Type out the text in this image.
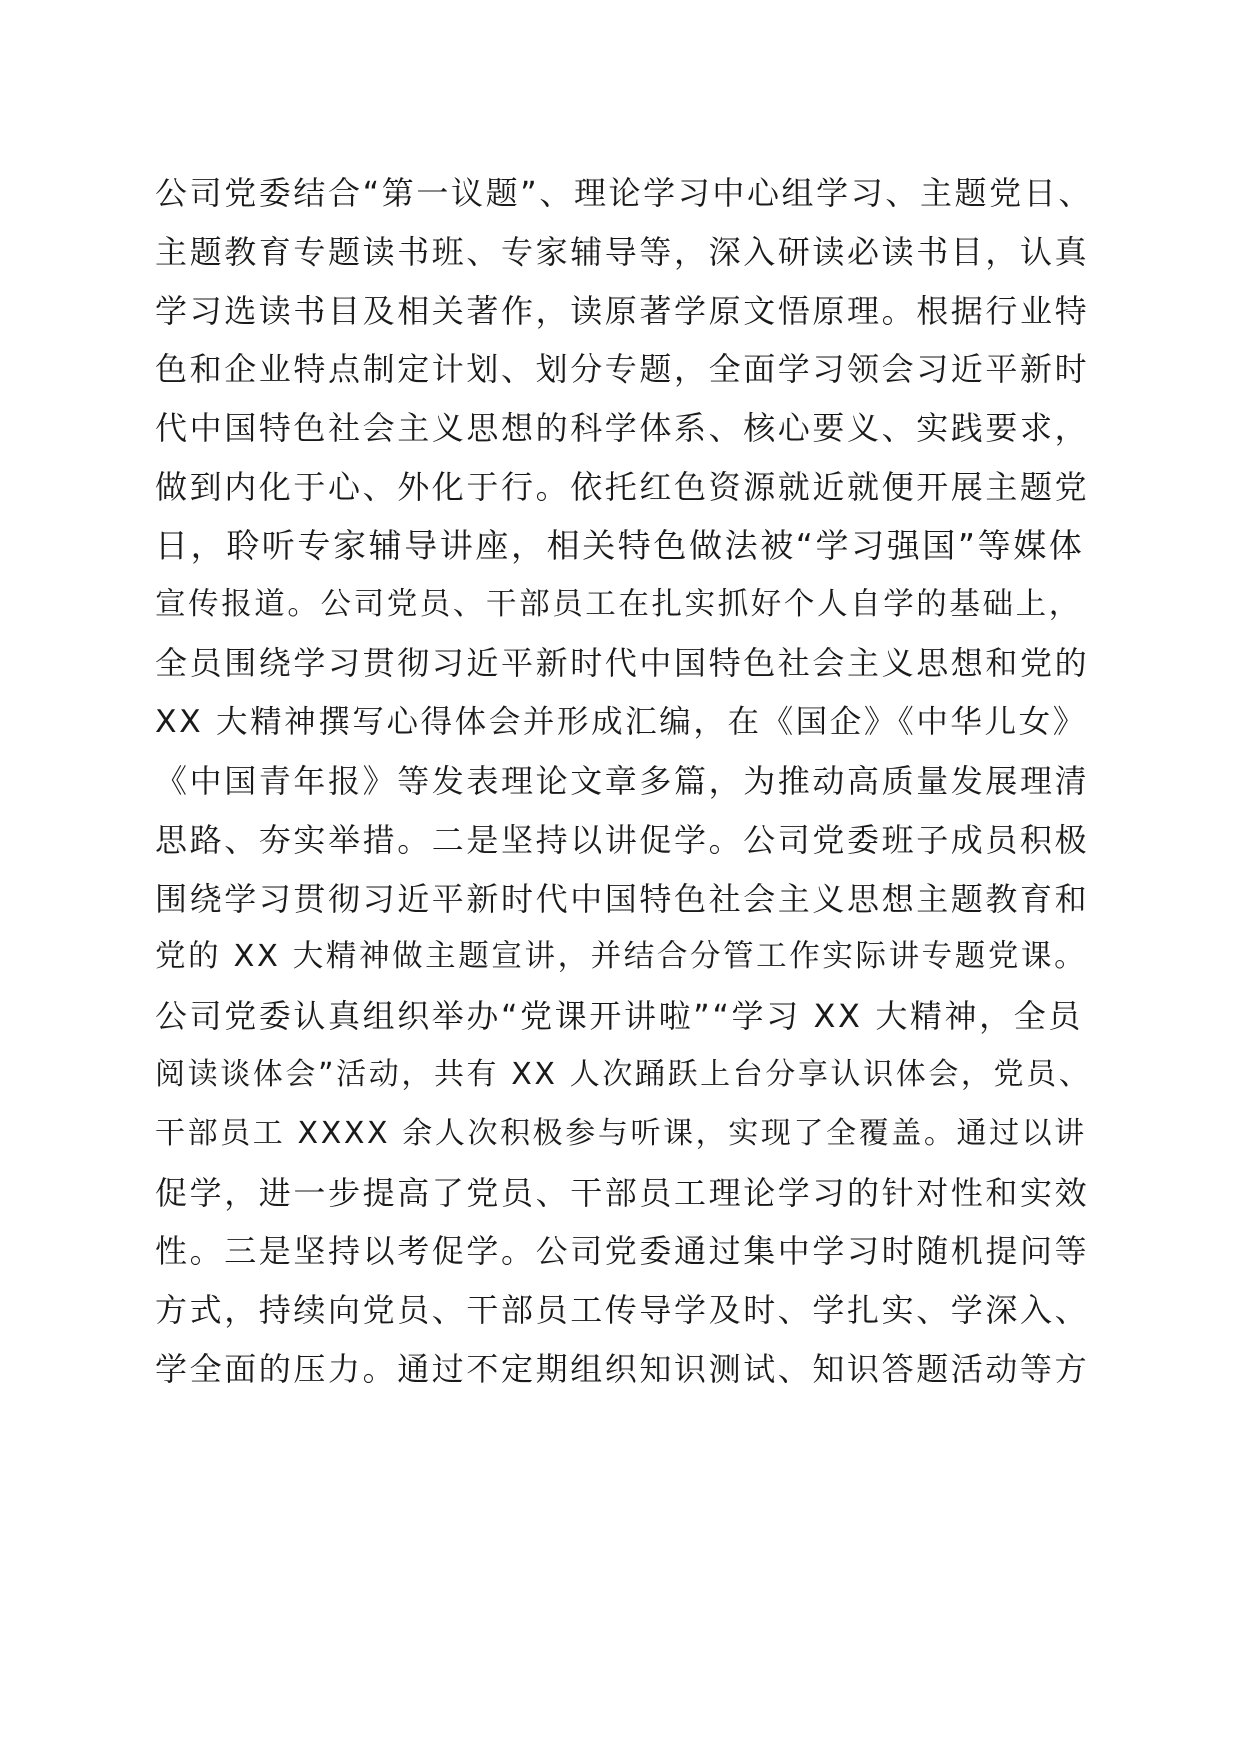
公司党委结合“第一议题”、理论学习中心组学习、主题党日、
主题教育专题读书班、专家辅导等，深入研读必读书目，认真
学习选读书目及相关著作，读原著学原文悟原理。根据行业特
色和企业特点制定计划、划分专题，全面学习领会习近平新时
代中国特色社会主义思想的科学体系、核心要义、实践要求，
做到内化于心、外化于行。依托红色资源就近就便开展主题党
日，聆听专家辅导讲座，相关特色做法被“学习强国”等媒体
宣传报道。公司党员、干部员工在扎实抓好个人自学的基础上，
全员围绕学习贯彻习近平新时代中国特色社会主义思想和党的
XX 大精神撰写心得体会并形成汇编，在《国企》《中华儿女》
《中国青年报》等发表理论文章多篇，为推动高质量发展理清
思路、夯实举措。二是坚持以讲促学。公司党委班子成员积极
围绕学习贯彻习近平新时代中国特色社会主义思想主题教育和
党的 XX 大精神做主题宣讲，并结合分管工作实际讲专题党课。
公司党委认真组织举办“党课开讲啦”“学习 XX 大精神，全员
阅读谈体会”活动，共有 XX 人次踊跃上台分享认识体会，党员、
干部员工 XXXX 余人次积极参与听课，实现了全覆盖。通过以讲
促学，进一步提高了党员、干部员工理论学习的针对性和实效
性。三是坚持以考促学。公司党委通过集中学习时随机提问等
方式，持续向党员、干部员工传导学及时、学扎实、学深入、
学全面的压力。通过不定期组织知识测试、知识答题活动等方
